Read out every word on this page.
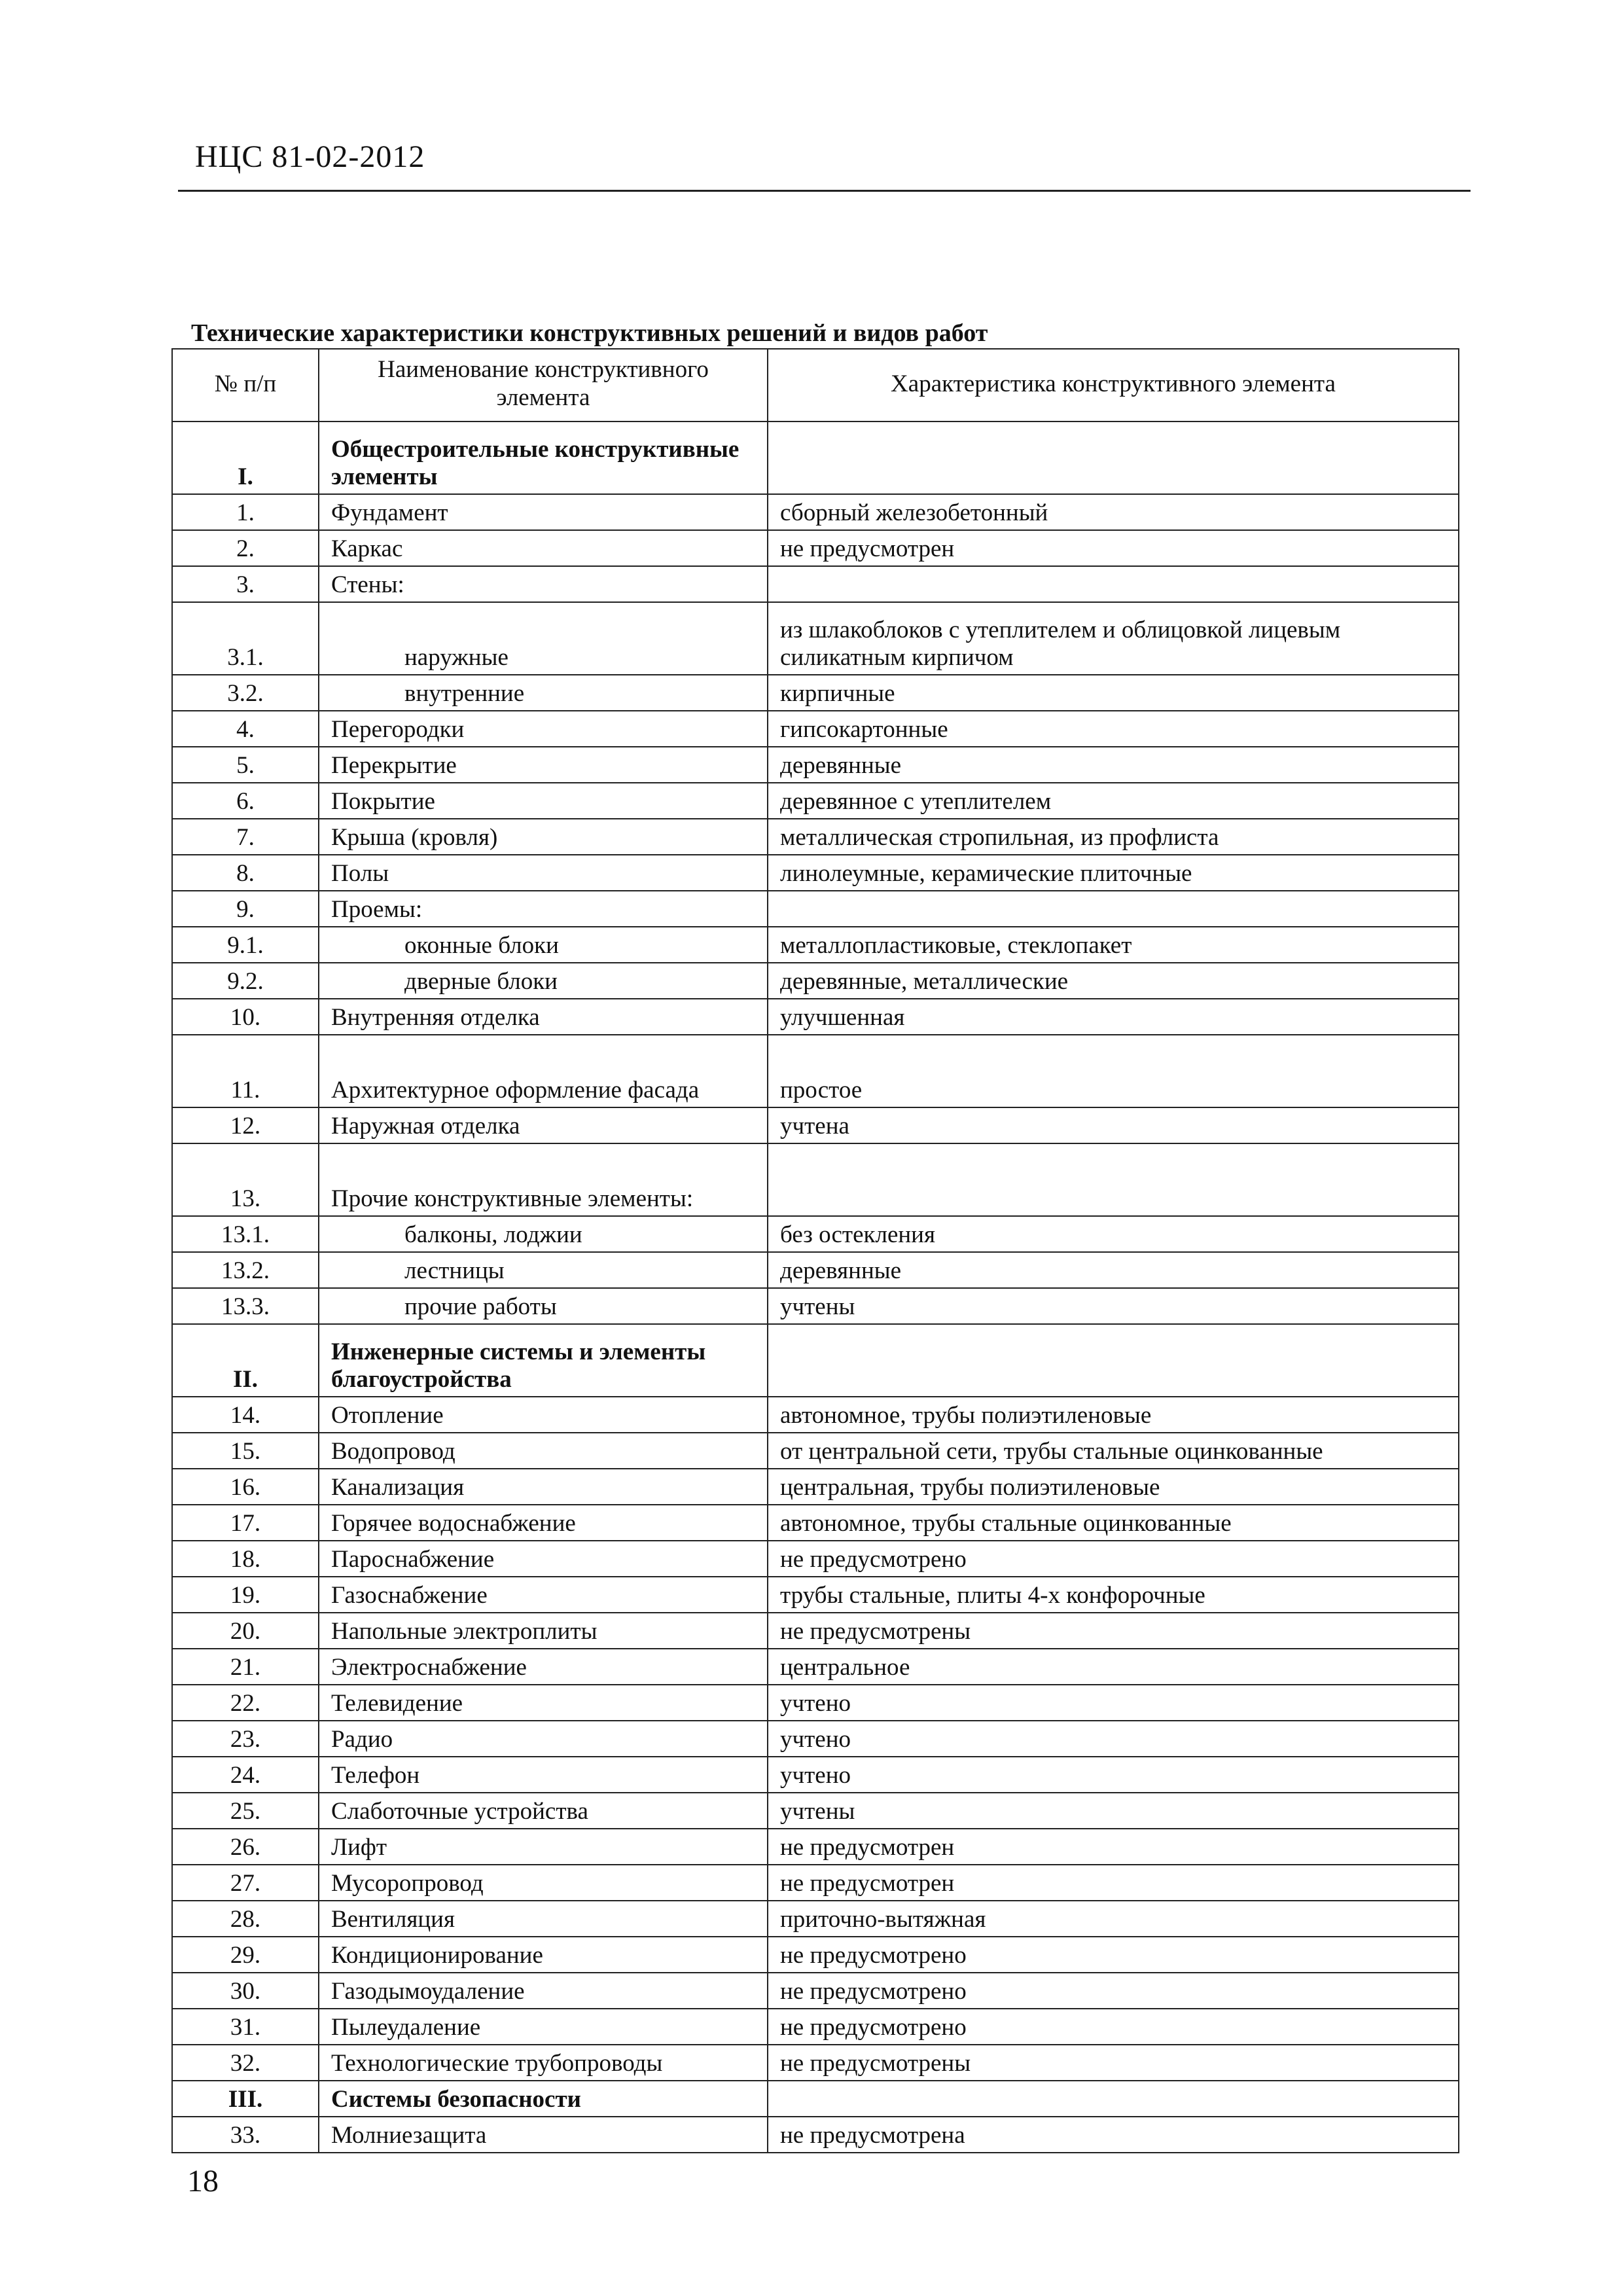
НЦС 81-02-2012
Технические характеристики конструктивных решений и видов работ
№ п/п	Наименование конструктивного элемента	Характеристика конструктивного элемента
I.	Общестроительные конструктивные элементы	
1.	Фундамент	сборный железобетонный
2.	Каркас	не предусмотрен
3.	Стены:	
3.1.	наружные	из шлакоблоков с утеплителем и облицовкой лицевым силикатным кирпичом
3.2.	внутренние	кирпичные
4.	Перегородки	гипсокартонные
5.	Перекрытие	деревянные
6.	Покрытие	деревянное с утеплителем
7.	Крыша (кровля)	металлическая стропильная, из профлиста
8.	Полы	линолеумные, керамические плиточные
9.	Проемы:	
9.1.	оконные блоки	металлопластиковые, стеклопакет
9.2.	дверные блоки	деревянные, металлические
10.	Внутренняя отделка	улучшенная
11.	Архитектурное оформление фасада	простое
12.	Наружная отделка	учтена
13.	Прочие конструктивные элементы:	
13.1.	балконы, лоджии	без остекления
13.2.	лестницы	деревянные
13.3.	прочие работы	учтены
II.	Инженерные системы и элементы благоустройства	
14.	Отопление	автономное, трубы полиэтиленовые
15.	Водопровод	от центральной сети, трубы стальные оцинкованные
16.	Канализация	центральная, трубы полиэтиленовые
17.	Горячее водоснабжение	автономное, трубы стальные оцинкованные
18.	Пароснабжение	не предусмотрено
19.	Газоснабжение	трубы стальные, плиты 4-х конфорочные
20.	Напольные электроплиты	не предусмотрены
21.	Электроснабжение	центральное
22.	Телевидение	учтено
23.	Радио	учтено
24.	Телефон	учтено
25.	Слаботочные устройства	учтены
26.	Лифт	не предусмотрен
27.	Мусоропровод	не предусмотрен
28.	Вентиляция	приточно-вытяжная
29.	Кондиционирование	не предусмотрено
30.	Газодымоудаление	не предусмотрено
31.	Пылеудаление	не предусмотрено
32.	Технологические трубопроводы	не предусмотрены
III.	Системы безопасности	
33.	Молниезащита	не предусмотрена
18
